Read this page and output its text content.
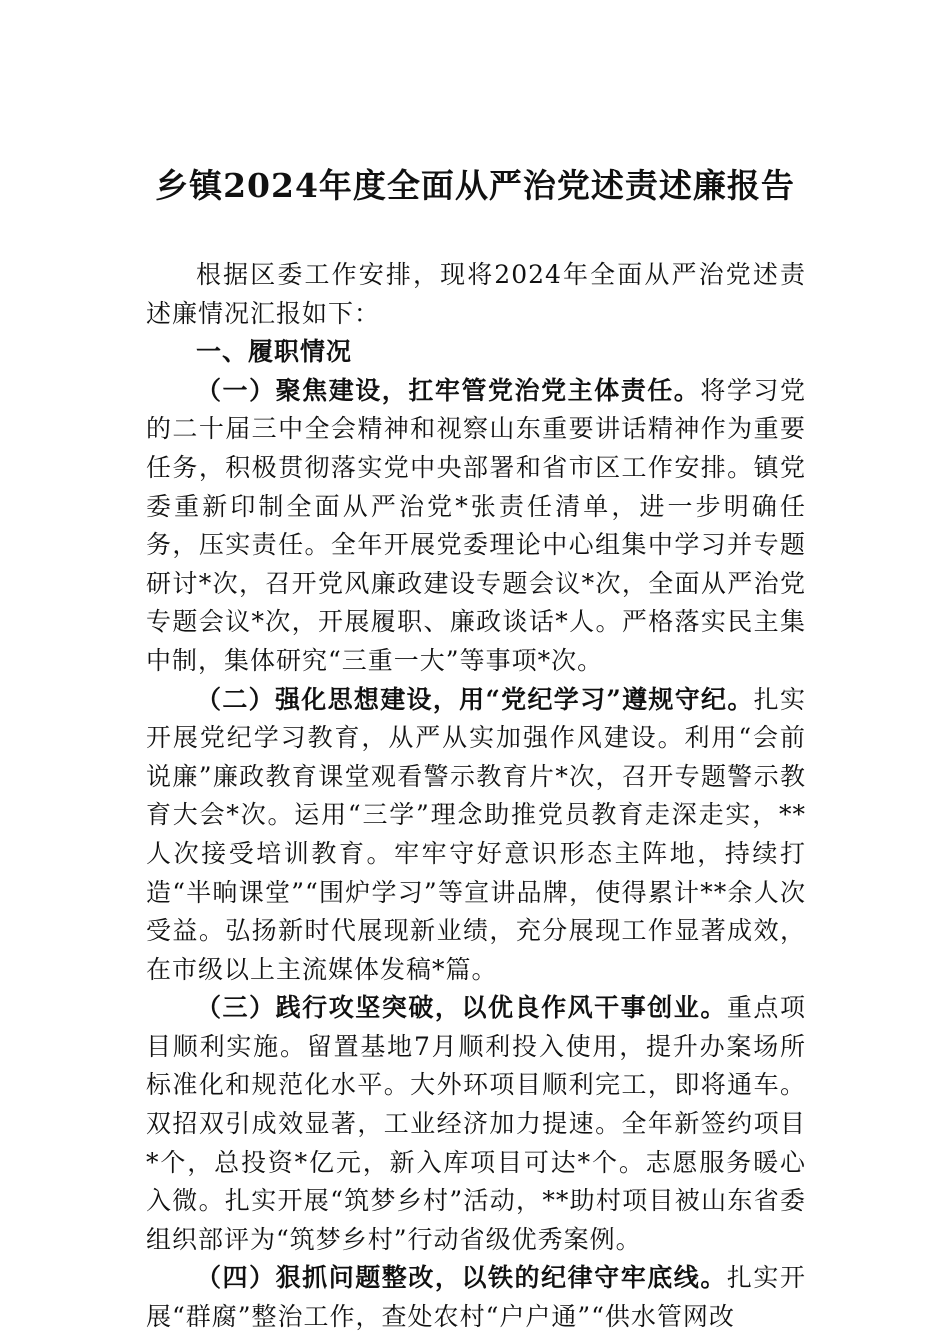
乡镇2024年度全面从严治党述责述廉报告

根据区委工作安排，现将2024年全面从严治党述责述廉情况汇报如下：

一、履职情况

（一）聚焦建设，扛牢管党治党主体责任。将学习党的二十届三中全会精神和视察山东重要讲话精神作为重要任务，积极贯彻落实党中央部署和省市区工作安排。镇党委重新印制全面从严治党*张责任清单，进一步明确任务，压实责任。全年开展党委理论中心组集中学习并专题研讨*次，召开党风廉政建设专题会议*次，全面从严治党专题会议*次，开展履职、廉政谈话*人。严格落实民主集中制，集体研究“三重一大”等事项*次。

（二）强化思想建设，用“党纪学习”遵规守纪。扎实开展党纪学习教育，从严从实加强作风建设。利用“会前说廉”廉政教育课堂观看警示教育片*次，召开专题警示教育大会*次。运用“三学”理念助推党员教育走深走实，**人次接受培训教育。牢牢守好意识形态主阵地，持续打造“半晌课堂”“围炉学习”等宣讲品牌，使得累计**余人次受益。弘扬新时代展现新业绩，充分展现工作显著成效，在市级以上主流媒体发稿*篇。

（三）践行攻坚突破，以优良作风干事创业。重点项目顺利实施。留置基地7月顺利投入使用，提升办案场所标准化和规范化水平。大外环项目顺利完工，即将通车。双招双引成效显著，工业经济加力提速。全年新签约项目*个，总投资*亿元，新入库项目可达*个。志愿服务暖心入微。扎实开展“筑梦乡村”活动，**助村项目被山东省委组织部评为“筑梦乡村”行动省级优秀案例。

（四）狠抓问题整改，以铁的纪律守牢底线。扎实开展“群腐”整治工作，查处农村“户户通”“供水管网改
